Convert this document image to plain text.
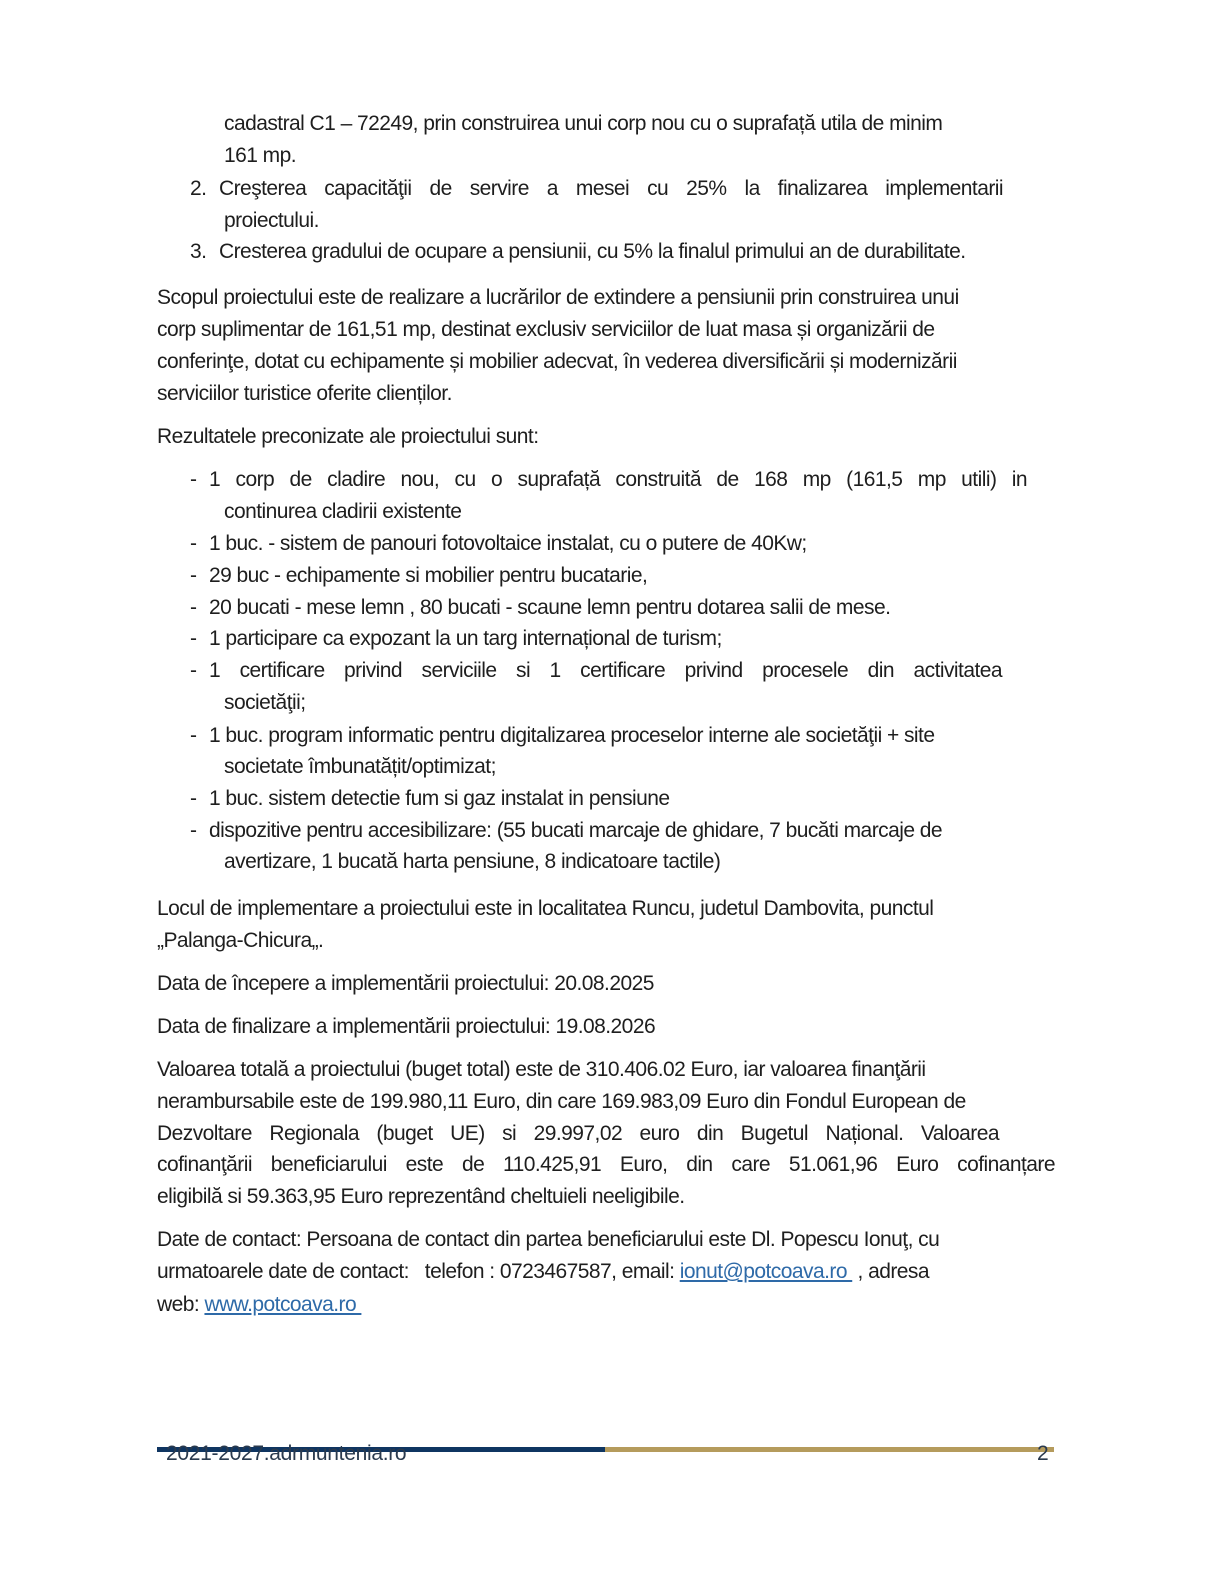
cadastral C1 – 72249, prin construirea unui corp nou cu o suprafață utila de minim
161 mp.
2. Creşterea capacităţii de servire a mesei cu 25% la finalizarea implementarii
proiectului.
3. Cresterea gradului de ocupare a pensiunii, cu 5% la finalul primului an de durabilitate.
Scopul proiectului este de realizare a lucrărilor de extindere a pensiunii prin construirea unui
corp suplimentar de 161,51 mp, destinat exclusiv serviciilor de luat masa și organizării de
conferinţe, dotat cu echipamente și mobilier adecvat, în vederea diversificării și modernizării
serviciilor turistice oferite clienților.
Rezultatele preconizate ale proiectului sunt:
- 1 corp de cladire nou, cu o suprafață construită de 168 mp (161,5 mp utili) in
continurea cladirii existente
- 1 buc. - sistem de panouri fotovoltaice instalat, cu o putere de 40Kw;
- 29 buc - echipamente si mobilier pentru bucatarie,
- 20 bucati - mese lemn , 80 bucati - scaune lemn pentru dotarea salii de mese.
- 1 participare ca expozant la un targ internațional de turism;
- 1 certificare privind serviciile si 1 certificare privind procesele din activitatea
societăţii;
- 1 buc. program informatic pentru digitalizarea proceselor interne ale societăţii + site
societate îmbunatățit/optimizat;
- 1 buc. sistem detectie fum si gaz instalat in pensiune
- dispozitive pentru accesibilizare: (55 bucati marcaje de ghidare, 7 bucăti marcaje de
avertizare, 1 bucată harta pensiune, 8 indicatoare tactile)
Locul de implementare a proiectului este in localitatea Runcu, judetul Dambovita, punctul
„Palanga-Chicura„.
Data de începere a implementării proiectului: 20.08.2025
Data de finalizare a implementării proiectului: 19.08.2026
Valoarea totală a proiectului (buget total) este de 310.406.02 Euro, iar valoarea finanţării
nerambursabile este de 199.980,11 Euro, din care 169.983,09 Euro din Fondul European de
Dezvoltare Regionala (buget UE) si 29.997,02 euro din Bugetul Național. Valoarea
cofinanţării beneficiarului este de 110.425,91 Euro, din care 51.061,96 Euro cofinanțare
eligibilă si 59.363,95 Euro reprezentând cheltuieli neeligibile.
Date de contact: Persoana de contact din partea beneficiarului este Dl. Popescu Ionuţ, cu
urmatoarele date de contact:   telefon : 0723467587, email: ionut@potcoava.ro  , adresa
web: www.potcoava.ro
2021-2027.adrmuntenia.ro	2
